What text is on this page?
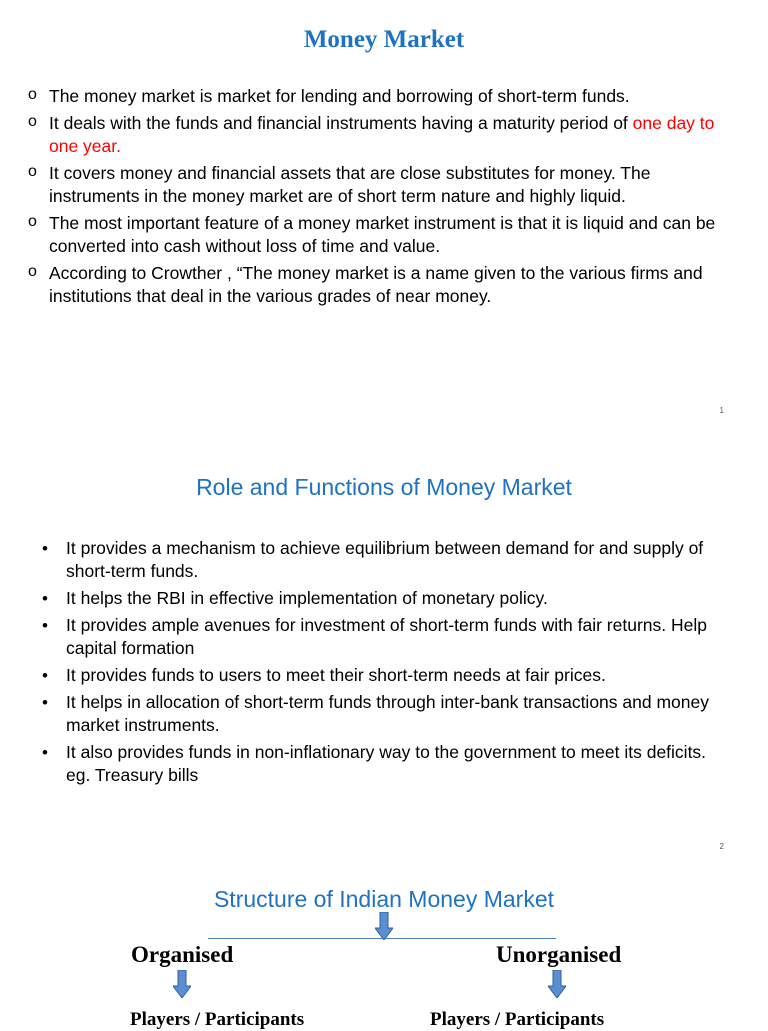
Money Market
o The money market is market for lending and borrowing of short-term funds.
o It deals with the funds and financial instruments having a maturity period of one day to one year.
o It covers money and financial assets that are close substitutes for money. The instruments in the money market are of short term nature and highly liquid.
o The most important feature of a money market instrument is that it is liquid and can be converted into cash without loss of time and value.
o According to Crowther , “The money market is a name given to the various firms and institutions that deal in the various grades of near money.
1
Role and Functions of Money Market
• It provides a mechanism to achieve equilibrium between demand for and supply of short-term funds.
• It helps the RBI in effective implementation of monetary policy.
• It provides ample avenues for investment of short-term funds with fair returns. Help capital formation
• It provides funds to users to meet their short-term needs at fair prices.
• It helps in allocation of short-term funds through inter-bank transactions and money market instruments.
• It also provides funds in non-inflationary way to the government to meet its deficits. eg. Treasury bills
2
Structure of Indian Money Market
Organised	Unorganised
Players / Participants	Players / Participants
